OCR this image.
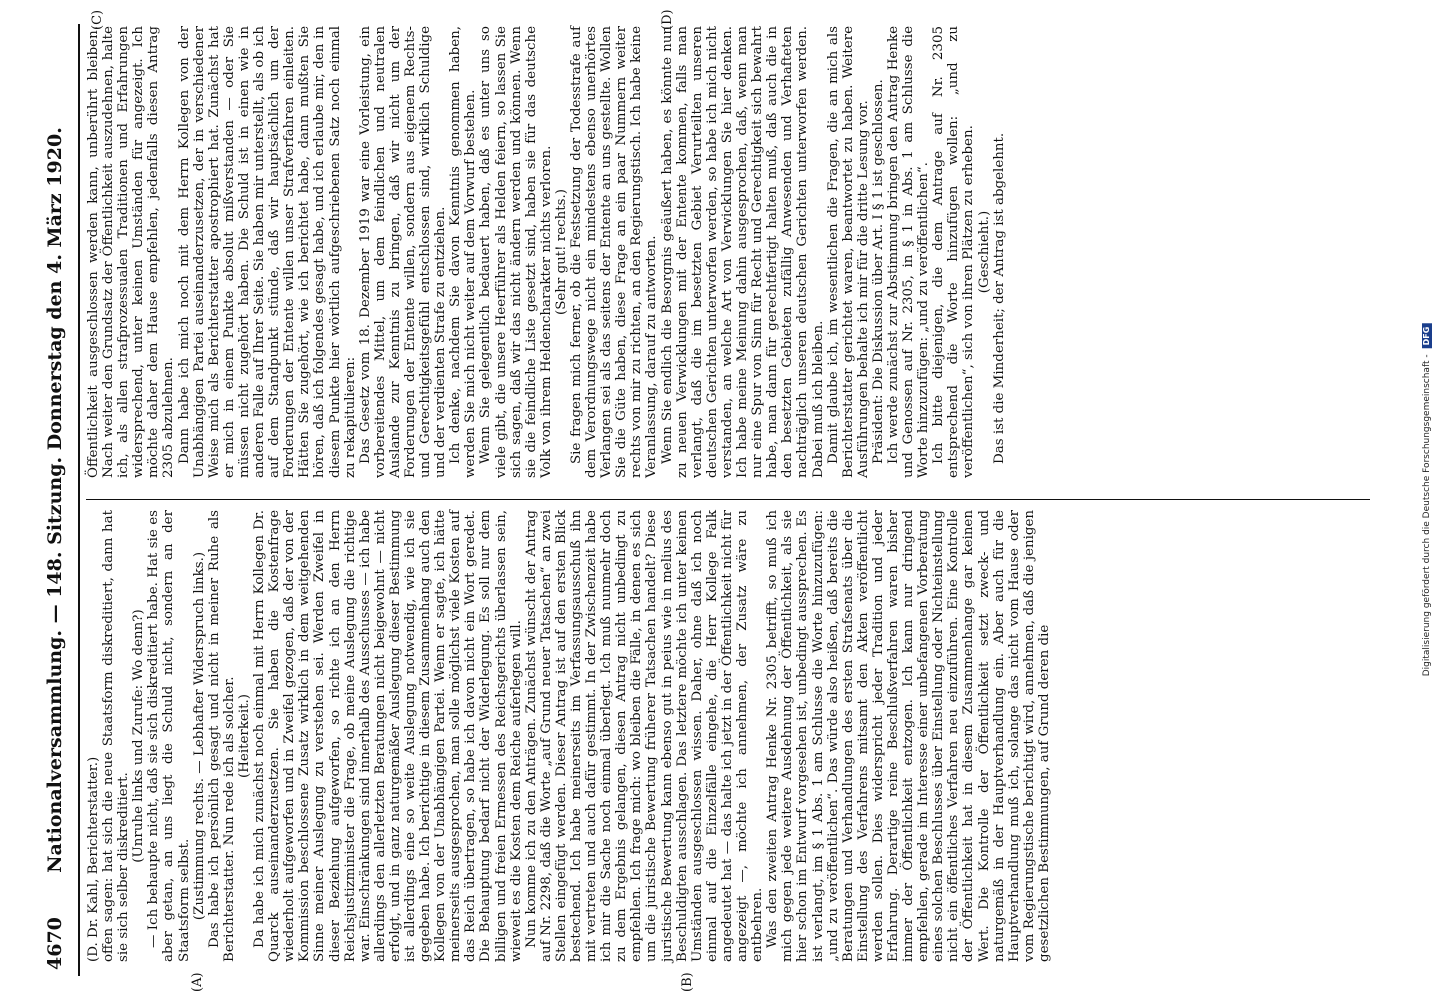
4670
Nationalversammlung. — 148. Sitzung. Donnerstag den 4. März 1920.
(A)	(B)
(C)	(D)

(D. Dr. Kahl, Berichterstatter.) offen sagen: hat sich die neue Staatsform diskreditiert, dann hat sie sich selber diskreditiert.

(Unruhe links und Zurufe: Wo denn?) — Ich behaupte nicht, daß sie sich diskreditiert habe. Hat sie es aber getan, an uns liegt die Schuld nicht, sondern an der Staatsform selbst. (Zustimmung rechts. — Lebhafter Widerspruch links.) Das habe ich persönlich gesagt und nicht in meiner Ruhe als Berichterstatter. Nun rede ich als solcher. (Heiterkeit.) Da habe ich mich zunächst noch einmal mit Herrn Kollegen Dr. Quarck auseinanderzusetzen. Sie haben die Kostenfrage wiederholt aufgeworfen und in Zweifel gezogen, daß der von der Kommission beschlossene Zusatz wirklich in dem weitgehenden Sinne meiner Auslegung zu verstehen sei. Werden Zweifel in dieser Beziehung aufgeworfen, so richte ich an den Herrn Reichsjustizminister die Frage, ob meine Auslegung die richtige war. Einschränkungen sind innerhalb des Ausschusses — ich habe allerdings den allerletzten Beratungen nicht beigewohnt — nicht erfolgt, und in ganz naturgemäßer Auslegung dieser Bestimmung ist allerdings eine so weite Auslegung notwendig, wie ich sie gegeben habe. Ich berichtige in diesem Zusammenhang auch den Kollegen von der Unabhängigen Partei. Wenn er sagte, ich hätte meinerseits ausgesprochen, man solle möglichst viele Kosten auf das Reich übertragen, so habe ich davon nicht ein Wort geredet. Die Behauptung bedarf nicht der Widerlegung. Es soll nur dem billigen und freien Ermessen des Reichsgerichts überlassen sein, wieweit es die Kosten dem Reiche auferlegen will. Nun komme ich zu den Anträgen. Zunächst wünscht der Antrag auf Nr. 2298, daß die Worte „auf Grund neuer Tatsachen“ an zwei Stellen eingefügt werden. Dieser Antrag ist auf den ersten Blick bestechend. Ich habe meinerseits im Verfassungsausschuß ihn mit vertreten und auch dafür gestimmt. In der Zwischenzeit habe ich mir die Sache noch einmal überlegt. Ich muß nunmehr doch zu dem Ergebnis gelangen, diesen Antrag nicht unbedingt zu empfehlen. Ich frage mich: wo bleiben die Fälle, in denen es sich um die juristische Bewertung früherer Tatsachen handelt? Diese juristische Bewertung kann ebenso gut in peius wie in melius des Beschuldigten ausschlagen. Das letztere möchte ich unter keinen Umständen ausgeschlossen wissen. Daher, ohne daß ich noch einmal auf die Einzelfälle eingehe, die Herr Kollege Falk angedeutet hat — das halte ich jetzt in der Öffentlichkeit nicht für angezeigt —, möchte ich annehmen, der Zusatz wäre zu entbehren. Was den zweiten Antrag Henke Nr. 2305 betrifft, so muß ich mich gegen jede weitere Ausdehnung der Öffentlichkeit, als sie hier schon im Entwurf vorgesehen ist, unbedingt aussprechen. Es ist verlangt, im § 1 Abs. 1 am Schlusse die Worte hinzuzufügen: „und zu veröffentlichen“. Das würde also heißen, daß bereits die Beratungen und Verhandlungen des ersten Strafsenats über die Einstellung des Verfahrens mitsamt den Akten veröffentlicht werden sollen. Dies widerspricht jeder Tradition und jeder Erfahrung. Derartige reine Beschlußverfahren waren bisher immer der Öffentlichkeit entzogen. Ich kann nur dringend empfehlen, gerade im Interesse einer unbefangenen Vorberatung eines solchen Beschlusses über Einstellung oder Nichteinstellung nicht ein öffentliches Verfahren neu einzuführen. Eine Kontrolle der Öffentlichkeit hat in diesem Zusammenhange gar keinen Wert. Die Kontrolle der Öffentlichkeit setzt zweck- und naturgemäß in der Hauptverhandlung ein. Aber auch für die Hauptverhandlung muß ich, solange das nicht vom Hause oder vom Regierungstische berichtigt wird, annehmen, daß die jenigen gesetzlichen Bestimmungen, auf Grund deren die

Öffentlichkeit ausgeschlossen werden kann, unberührt bleiben. Nach weiter den Grundsatz der Öffentlichkeit auszudehnen, halte ich, als allen strafprozessualen Traditionen und Erfahrungen widersprechend, unter keinen Umständen für angezeigt. Ich möchte daher dem Hause empfehlen, jedenfalls diesen Antrag 2305 abzulehnen. Dann habe ich mich noch mit dem Herrn Kollegen von der Unabhängigen Partei auseinanderzusetzen, der in verschiedener Weise mich als Berichterstatter apostrophiert hat. Zunächst hat er mich in einem Punkte absolut mißverstanden — oder Sie müssen nicht zugehört haben. Die Schuld ist in einen wie in anderen Falle auf Ihrer Seite. Sie haben mir unterstellt, als ob ich auf dem Standpunkt stünde, daß wir hauptsächlich um der Forderungen der Entente willen unser Strafverfahren einleiten. Hätten Sie zugehört, wie ich berichtet habe, dann mußten Sie hören, daß ich folgendes gesagt habe, und ich erlaube mir, den in diesem Punkte hier wörtlich aufgeschriebenen Satz noch einmal zu rekapitulieren: Das Gesetz vom 18. Dezember 1919 war eine Vorleistung, ein vorbereitendes Mittel, um dem feindlichen und neutralen Auslande zur Kenntnis zu bringen, daß wir nicht um der Forderungen der Entente willen, sondern aus eigenem Rechts- und Gerechtigkeitsgefühl entschlossen sind, wirklich Schuldige und der verdienten Strafe zu entziehen. Ich denke, nachdem Sie davon Kenntnis genommen haben, werden Sie mich nicht weiter auf dem Vorwurf bestehen. Wenn Sie gelegentlich bedauert haben, daß es unter uns so viele gibt, die unsere Heerführer als Helden feiern, so lassen Sie sich sagen, daß wir das nicht ändern werden und können. Wenn sie die feindliche Liste gesetzt sind, haben sie für das deutsche Volk von ihrem Heldencharakter nichts verloren. (Sehr gut! rechts.) Sie fragen mich ferner, ob die Festsetzung der Todesstrafe auf dem Verordnungswege nicht ein mindestens ebenso unerhörtes Verlangen sei als das seitens der Entente an uns gestellte. Wollen Sie die Güte haben, diese Frage an ein paar Nummern weiter rechts von mir zu richten, an den Regierungstisch. Ich habe keine Veranlassung, darauf zu antworten. Wenn Sie endlich die Besorgnis geäußert haben, es könnte nun zu neuen Verwicklungen mit der Entente kommen, falls man verlangt, daß die im besetzten Gebiet Verurteilten unseren deutschen Gerichten unterworfen werden, so habe ich mich nicht verstanden, an welche Art von Verwicklungen Sie hier denken. Ich habe meine Meinung dahin ausgesprochen, daß, wenn man nur eine Spur von Sinn für Recht und Gerechtigkeit sich bewahrt habe, man dann für gerechtfertigt halten muß, daß auch die in den besetzten Gebieten zufällig Anwesenden und Verhafteten nachträglich unseren deutschen Gerichten unterworfen werden. Dabei muß ich bleiben. Damit glaube ich, im wesentlichen die Fragen, die an mich als Berichterstatter gerichtet waren, beantwortet zu haben. Weitere Ausführungen behalte ich mir für die dritte Lesung vor. Präsident: Die Diskussion über Art. I § 1 ist geschlossen. Ich werde zunächst zur Abstimmung bringen den Antrag Henke und Genossen auf Nr. 2305, in § 1 in Abs. 1 am Schlusse die Worte hinzuzufügen: „und zu veröffentlichen“. Ich bitte diejenigen, die dem Antrage auf Nr. 2305 entsprechend die Worte hinzufügen wollen: „und zu veröffentlichen“, sich von ihren Plätzen zu erheben. (Geschieht.) Das ist die Minderheit; der Antrag ist abgelehnt.

Digitalisierung gefördert durch die Deutsche Forschungsgemeinschaft -
DFG
